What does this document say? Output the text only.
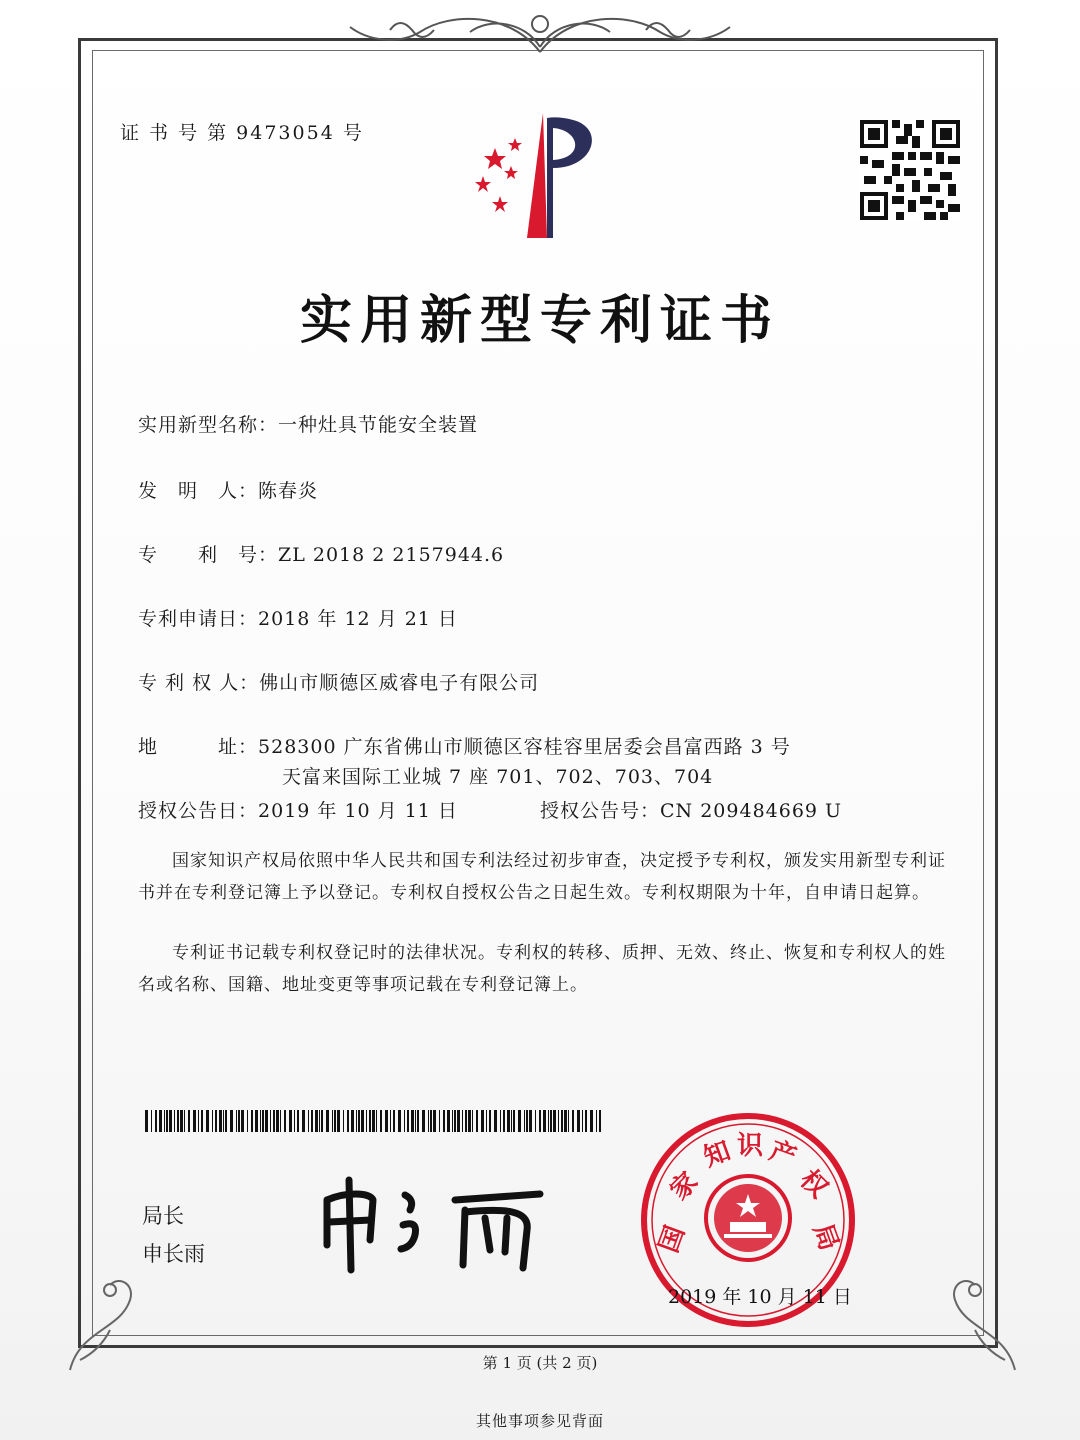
证 书 号 第 9473054 号
实用新型专利证书
实用新型名称：一种灶具节能安全装置
发　明　人：陈春炎
专　　利　号：ZL 2018 2 2157944.6
专利申请日：2018 年 12 月 21 日
专 利 权 人：佛山市顺德区威睿电子有限公司
地　　　址：528300 广东省佛山市顺德区容桂容里居委会昌富西路 3 号
天富来国际工业城 7 座 701、702、703、704
授权公告日：2019 年 10 月 11 日	授权公告号：CN 209484669 U
国家知识产权局依照中华人民共和国专利法经过初步审查，决定授予专利权，颁发实用新型专利证书并在专利登记簿上予以登记。专利权自授权公告之日起生效。专利权期限为十年，自申请日起算。
专利证书记载专利权登记时的法律状况。专利权的转移、质押、无效、终止、恢复和专利权人的姓名或名称、国籍、地址变更等事项记载在专利登记簿上。
局长
申长雨	国
家
知 识 产
权
局
2019 年 10 月 11 日
第 1 页 (共 2 页)
其他事项参见背面
